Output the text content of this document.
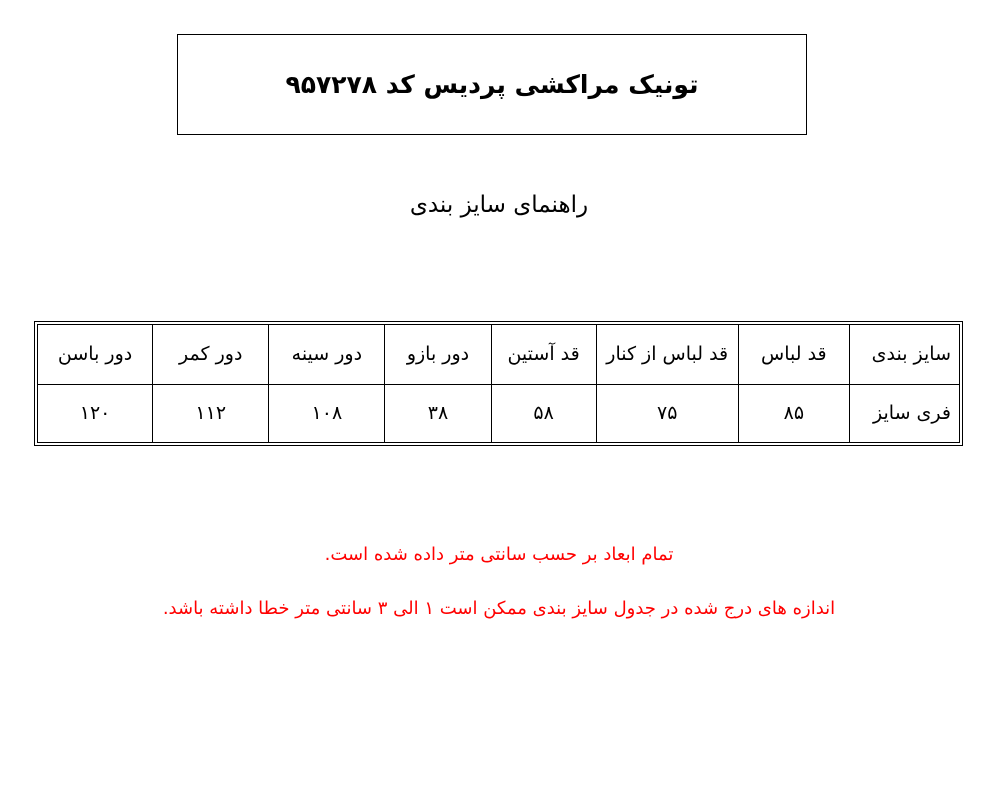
تونیک مراکشی پردیس کد ۹۵۷۲۷۸
راهنمای سایز بندی
سایز بندی	قد لباس	قد لباس از کنار	قد آستین	دور بازو	دور سینه	دور کمر	دور باسن
فری سایز	۸۵	۷۵	۵۸	۳۸	۱۰۸	۱۱۲	۱۲۰
تمام ابعاد بر حسب سانتی متر داده شده است.
اندازه های درج شده در جدول سایز بندی ممکن است ۱ الی ۳ سانتی متر خطا داشته باشد.
